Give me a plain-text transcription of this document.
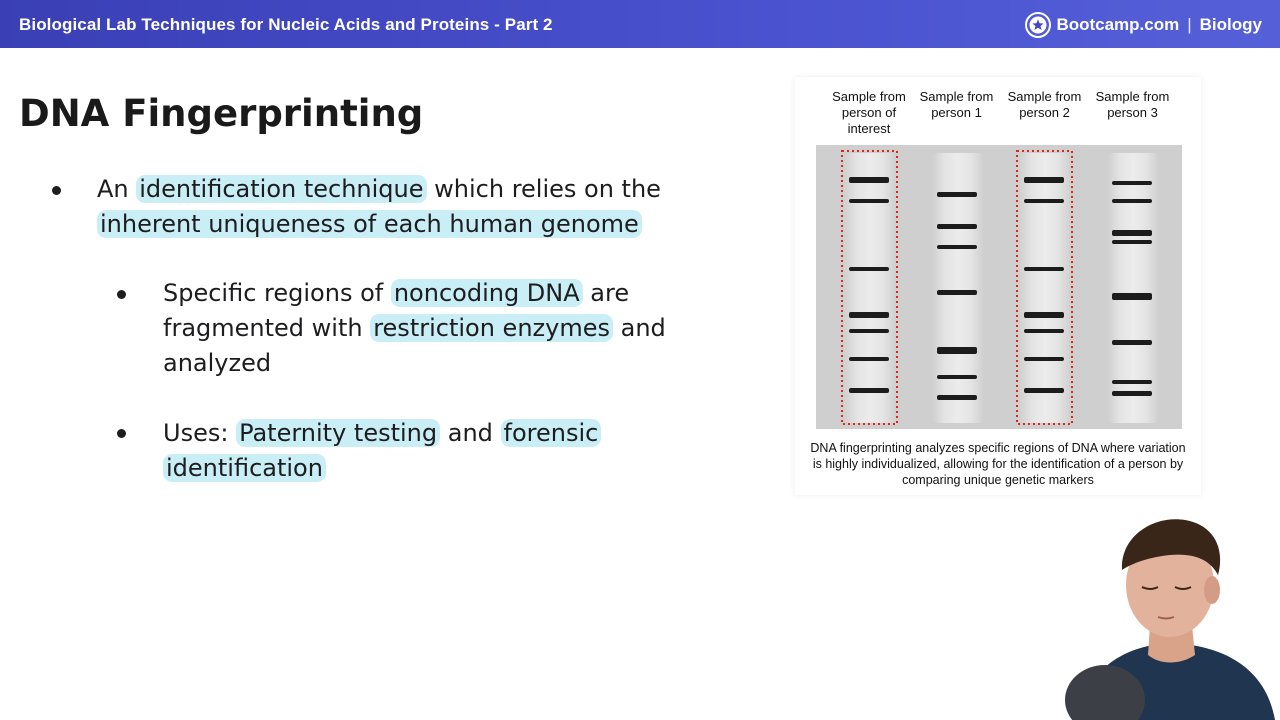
Biological Lab Techniques for Nucleic Acids and Proteins - Part 2	Bootcamp.com | Biology
DNA Fingerprinting
An identification technique which relies on the inherent uniqueness of each human genome
Specific regions of noncoding DNA are fragmented with restriction enzymes and analyzed
Uses: Paternity testing and forensic identification
Sample from person of interest
Sample from person 1
Sample from person 2
Sample from person 3
DNA fingerprinting analyzes specific regions of DNA where variation is highly individualized, allowing for the identification of a person by comparing unique genetic markers
